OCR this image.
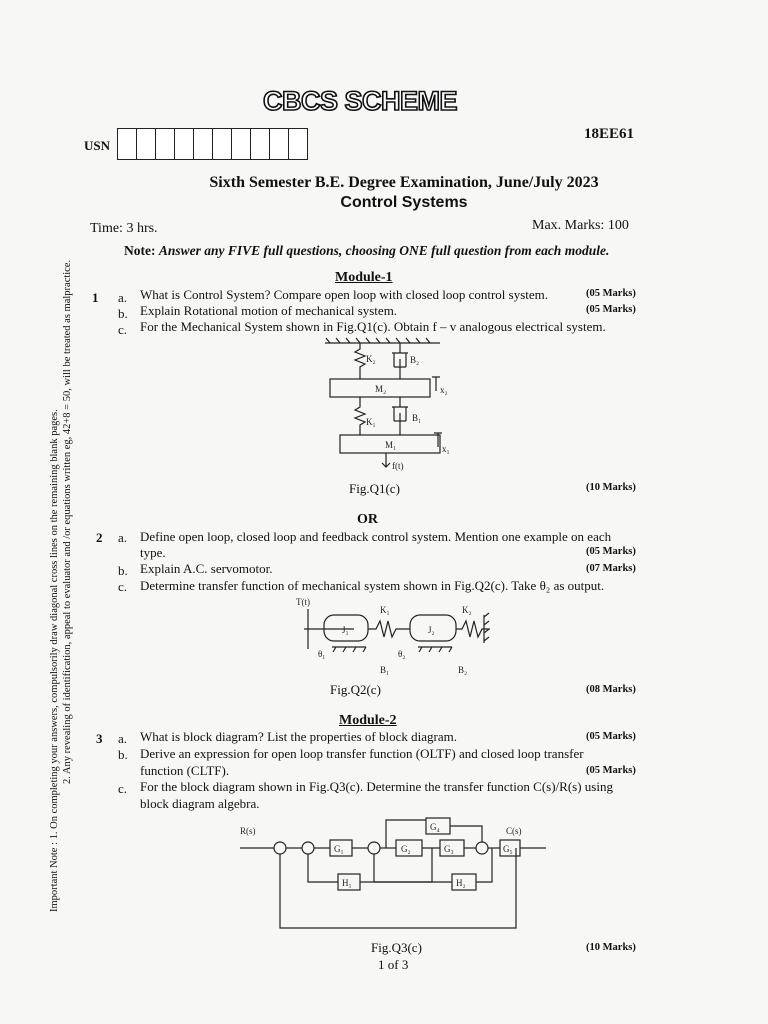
CBCS SCHEME
USN
18EE61
Sixth Semester B.E. Degree Examination, June/July 2023
Control Systems
Time: 3 hrs.	Max. Marks: 100
Note: Answer any FIVE full questions, choosing ONE full question from each module.
Important Note : 1. On completing your answers, compulsorily draw diagonal cross lines on the remaining blank pages. 2. Any revealing of identification, appeal to evaluator and /or equations written eg, 42+8 = 50, will be treated as malpractice.	Module-1
1 a. What is Control System? Compare open loop with closed loop control system.	(05 Marks)
b. Explain Rotational motion of mechanical system.	(05 Marks)
c. For the Mechanical System shown in Fig.Q1(c). Obtain f – v analogous electrical system.
K₂	B₂
M₂	x₂
K₁	B₁
M₁	x₁
f(t)
Fig.Q1(c)	(10 Marks)
OR
2 a. Define open loop, closed loop and feedback control system. Mention one example on each
type.	(05 Marks)
b. Explain A.C. servomotor.	(07 Marks)
c. Determine transfer function of mechanical system shown in Fig.Q2(c). Take θ₂ as output.
T(t)
J₁
K₁
J₂
K₂
θ₁	θ₂
B₁	B₂
Fig.Q2(c)	(08 Marks)
Module-2
3 a. What is block diagram? List the properties of block diagram.	(05 Marks)
b. Derive an expression for open loop transfer function (OLTF) and closed loop transfer
function (CLTF).	(05 Marks)
c. For the block diagram shown in Fig.Q3(c). Determine the transfer function C(s)/R(s) using
block diagram algebra.
R(s)
G₁	G₂	G₃	G₅
C(s)
G₄
H₁	H₂
Fig.Q3(c)	(10 Marks)
1 of 3
